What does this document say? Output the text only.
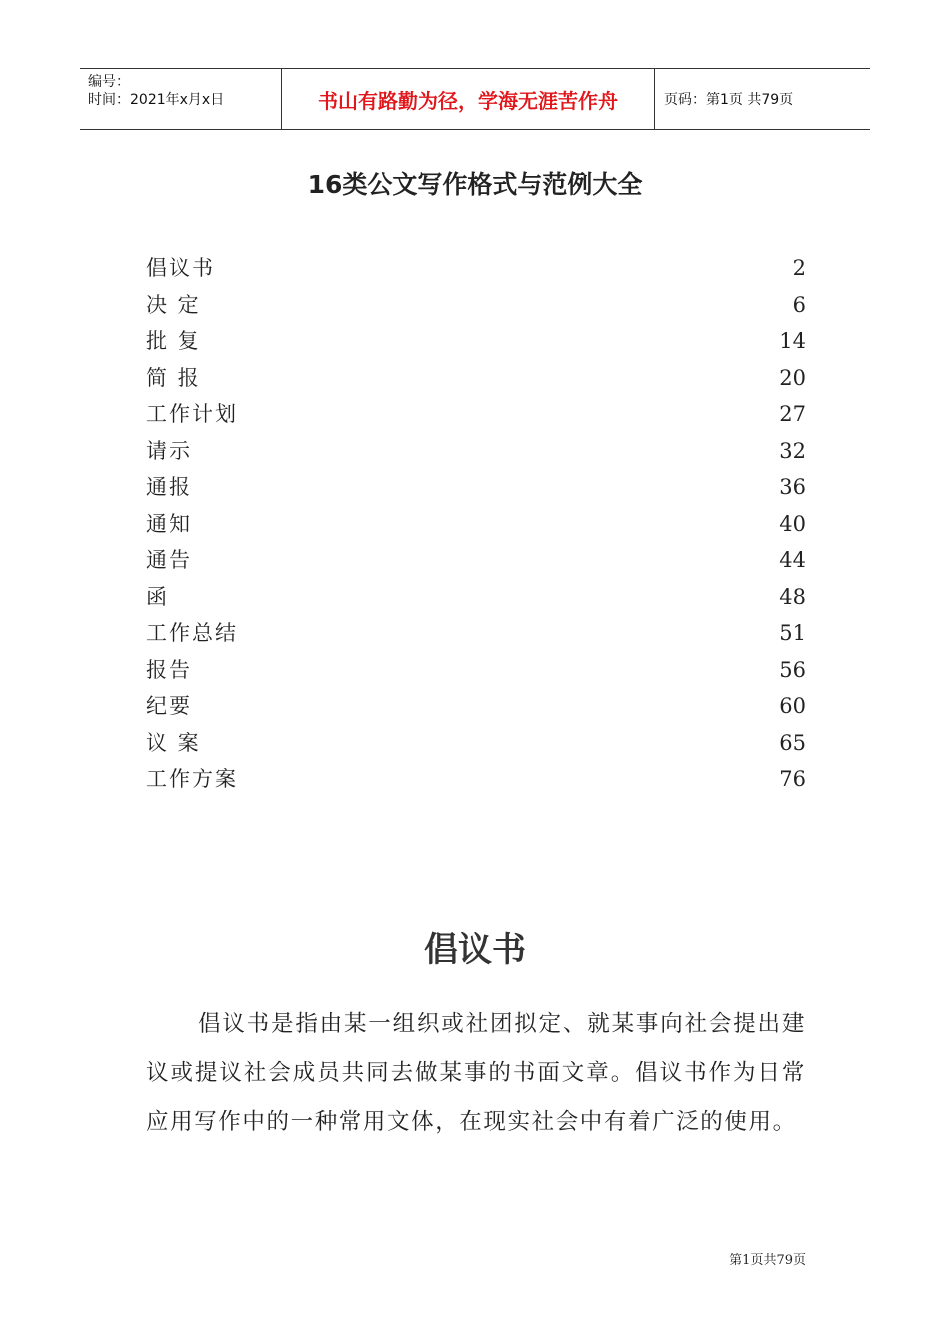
编号：
时间：2021年x月x日	书山有路勤为径，学海无涯苦作舟	页码：第1页 共79页
16类公文写作格式与范例大全
倡议书	2
决 定	6
批 复	14
简 报	20
工作计划	27
请示	32
通报	36
通知	40
通告	44
函	48
工作总结	51
报告	56
纪要	60
议 案	65
工作方案	76
倡议书
倡议书是指由某一组织或社团拟定、就某事向社会提出建议或提议社会成员共同去做某事的书面文章。倡议书作为日常应用写作中的一种常用文体，在现实社会中有着广泛的使用。
第1页共79页
